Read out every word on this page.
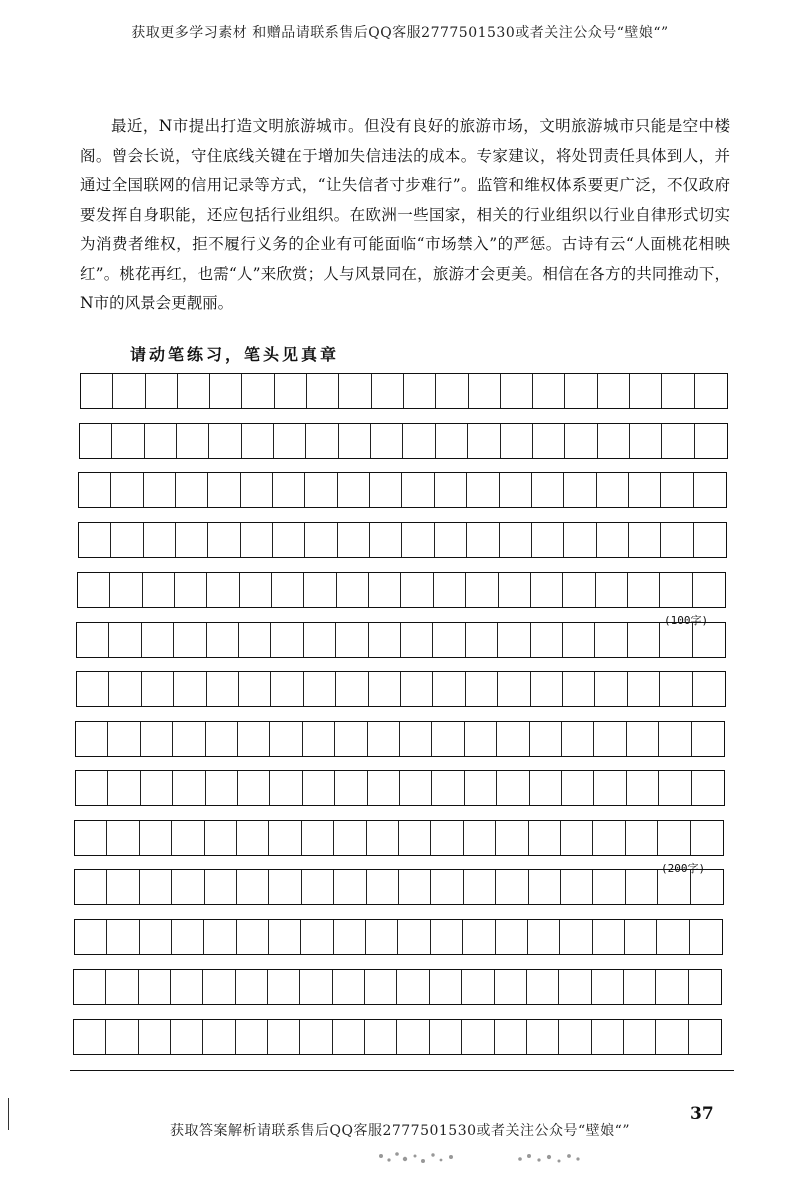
获取更多学习素材 和赠品请联系售后QQ客服2777501530或者关注公众号“壁娘“”

最近，N市提出打造文明旅游城市。但没有良好的旅游市场，文明旅游城市只能是空中楼阁。曾会长说，守住底线关键在于增加失信违法的成本。专家建议，将处罚责任具体到人，并通过全国联网的信用记录等方式，“让失信者寸步难行”。监管和维权体系要更广泛，不仅政府要发挥自身职能，还应包括行业组织。在欧洲一些国家，相关的行业组织以行业自律形式切实为消费者维权，拒不履行义务的企业有可能面临“市场禁入”的严惩。古诗有云“人面桃花相映红”。桃花再红，也需“人”来欣赏；人与风景同在，旅游才会更美。相信在各方的共同推动下，N市的风景会更靓丽。

请动笔练习，笔头见真章
(100字)
(200字)
37
获取答案解析请联系售后QQ客服2777501530或者关注公众号“壁娘“”
